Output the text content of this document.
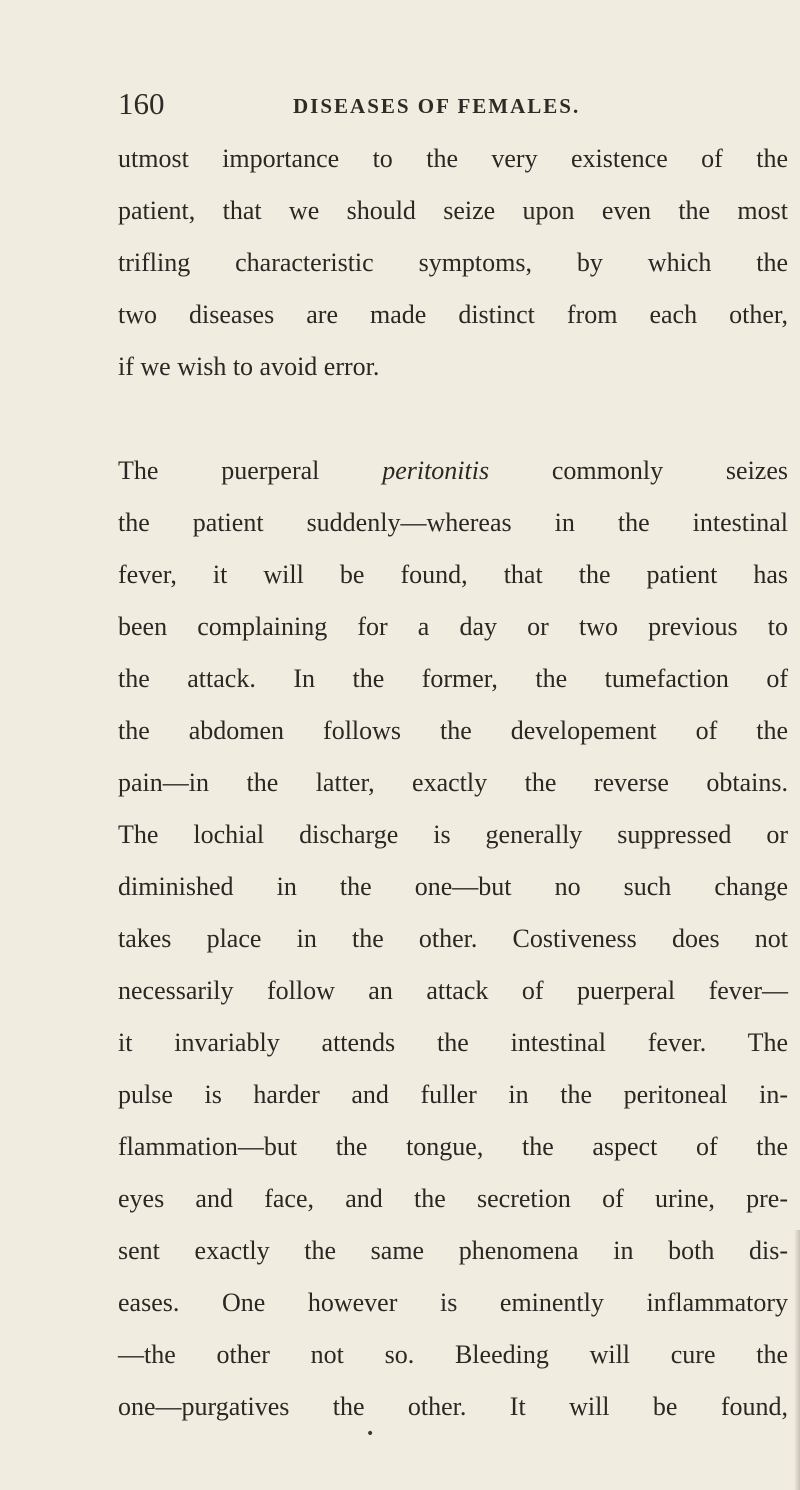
160	DISEASES OF FEMALES.
utmost importance to the very existence of the
patient, that we should seize upon even the most
trifling characteristic symptoms, by which the
two diseases are made distinct from each other,
if we wish to avoid error.
The puerperal peritonitis commonly seizes
the patient suddenly—whereas in the intestinal
fever, it will be found, that the patient has
been complaining for a day or two previous to
the attack. In the former, the tumefaction of
the abdomen follows the developement of the
pain—in the latter, exactly the reverse obtains.
The lochial discharge is generally suppressed or
diminished in the one—but no such change
takes place in the other. Costiveness does not
necessarily follow an attack of puerperal fever—
it invariably attends the intestinal fever. The
pulse is harder and fuller in the peritoneal in-
flammation—but the tongue, the aspect of the
eyes and face, and the secretion of urine, pre-
sent exactly the same phenomena in both dis-
eases. One however is eminently inflammatory
—the other not so. Bleeding will cure the
one—purgatives the other. It will be found,
•
